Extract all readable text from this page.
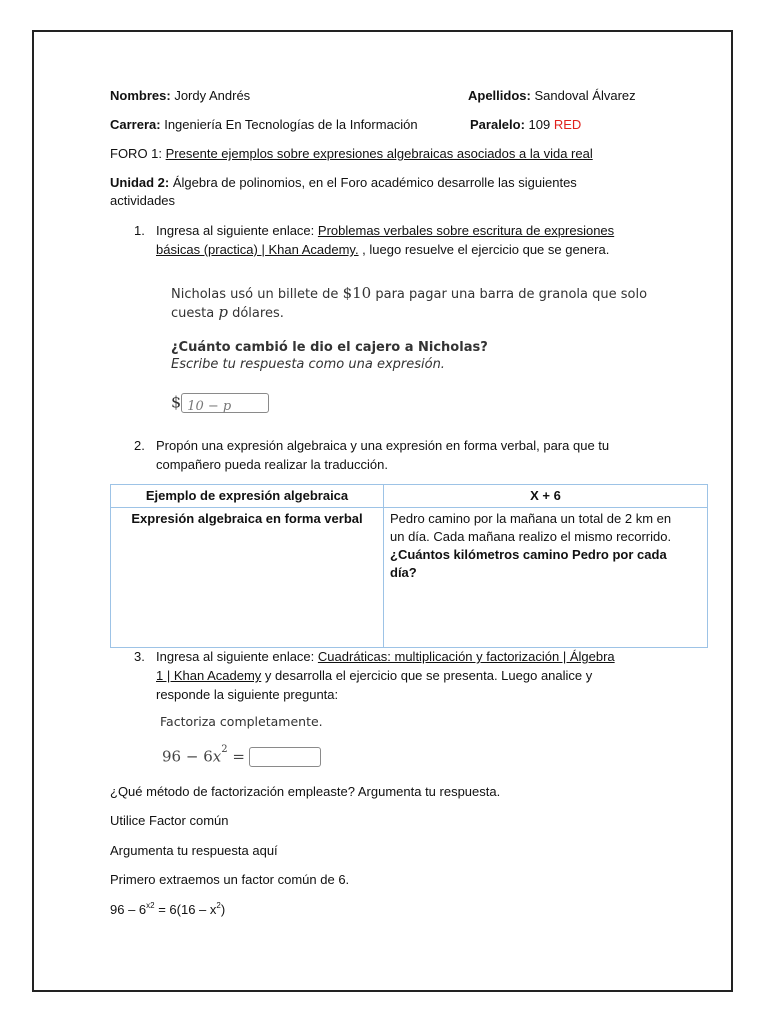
Nombres: Jordy Andrés	Apellidos: Sandoval Álvarez
Carrera: Ingeniería En Tecnologías de la Información	Paralelo: 109 RED
FORO 1: Presente ejemplos sobre expresiones algebraicas asociados a la vida real
Unidad 2: Álgebra de polinomios, en el Foro académico desarrolle las siguientes
actividades
1. Ingresa al siguiente enlace: Problemas verbales sobre escritura de expresiones
básicas (practica) | Khan Academy. , luego resuelve el ejercicio que se genera.
Nicholas usó un billete de $10 para pagar una barra de granola que solo
cuesta p dólares.
¿Cuánto cambió le dio el cajero a Nicholas?
Escribe tu respuesta como una expresión.
$ 10 − p
2. Propón una expresión algebraica y una expresión en forma verbal, para que tu
compañero pueda realizar la traducción.
Ejemplo de expresión algebraica	X + 6
Expresión algebraica en forma verbal	Pedro camino por la mañana un total de 2 km en
un día. Cada mañana realizo el mismo recorrido.
¿Cuántos kilómetros camino Pedro por cada
día?
3. Ingresa al siguiente enlace: Cuadráticas: multiplicación y factorización | Álgebra
1 | Khan Academy y desarrolla el ejercicio que se presenta. Luego analice y
responde la siguiente pregunta:
Factoriza completamente.
$96 - 6x^2$ =
¿Qué método de factorización empleaste? Argumenta tu respuesta.
Utilice Factor común
Argumenta tu respuesta aquí
Primero extraemos un factor común de 6.
$96 - 6^{x2} = 6(16 - x^2)$
